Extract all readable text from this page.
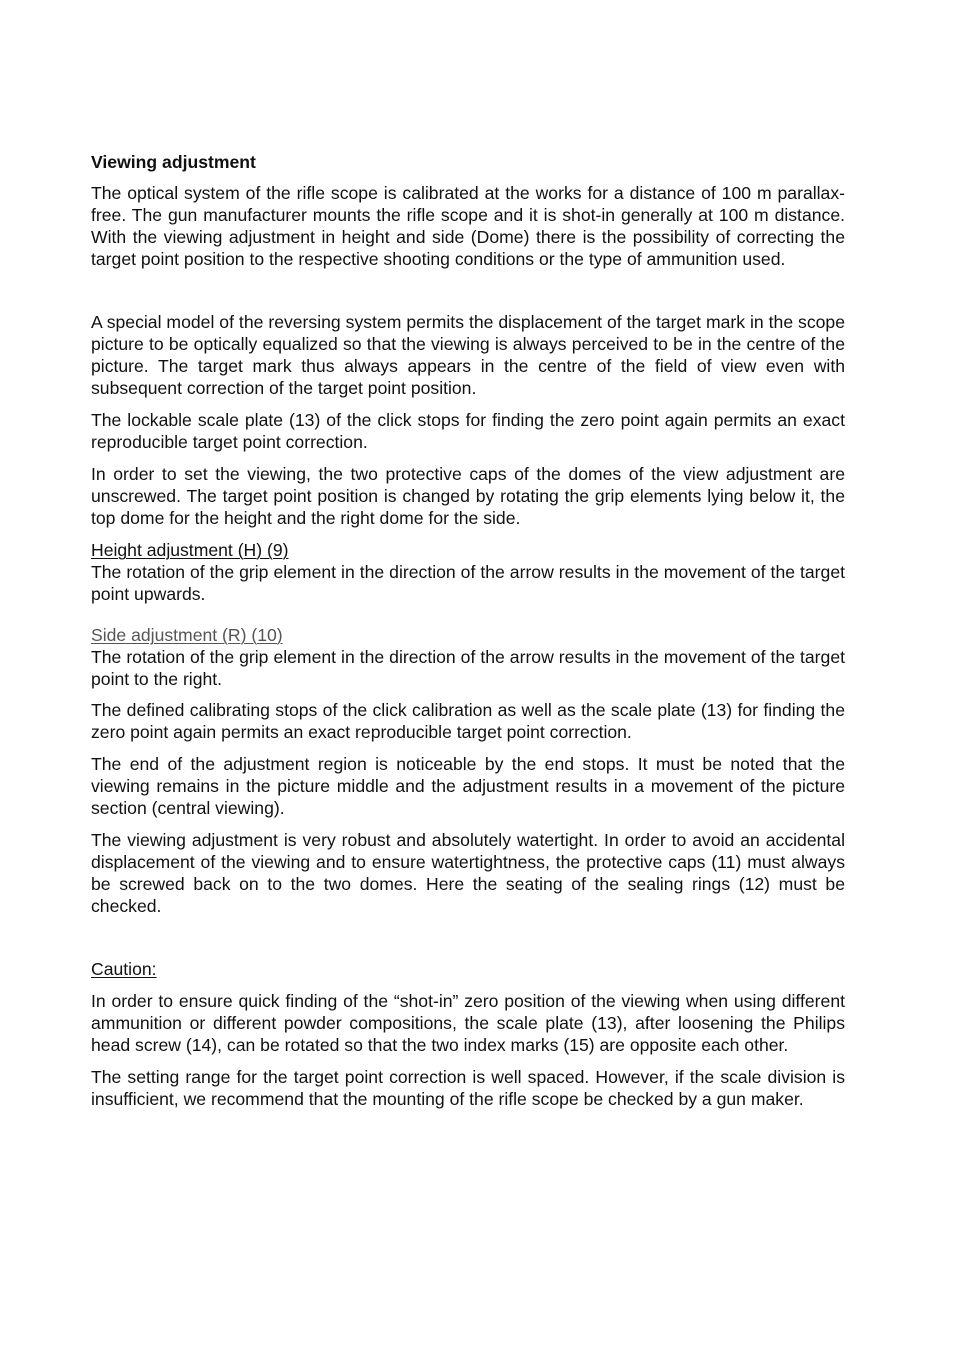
Viewing adjustment

The optical system of the rifle scope is calibrated at the works for a distance of 100 m parallax-free. The gun manufacturer mounts the rifle scope and it is shot-in generally at 100 m distance. With the viewing adjustment in height and side (Dome) there is the possibility of correcting the target point position to the respective shooting conditions or the type of ammunition used.

A special model of the reversing system permits the displacement of the target mark in the scope picture to be optically equalized so that the viewing is always perceived to be in the centre of the picture. The target mark thus always appears in the centre of the field of view even with subsequent correction of the target point position.

The lockable scale plate (13) of the click stops for finding the zero point again permits an exact reproducible target point correction.

In order to set the viewing, the two protective caps of the domes of the view adjustment are unscrewed. The target point position is changed by rotating the grip elements lying below it, the top dome for the height and the right dome for the side.

Height adjustment (H) (9)

The rotation of the grip element in the direction of the arrow results in the movement of the target point upwards.

Side adjustment (R) (10)

The rotation of the grip element in the direction of the arrow results in the movement of the target point to the right.

The defined calibrating stops of the click calibration as well as the scale plate (13) for finding the zero point again permits an exact reproducible target point correction.

The end of the adjustment region is noticeable by the end stops. It must be noted that the viewing remains in the picture middle and the adjustment results in a movement of the picture section (central viewing).

The viewing adjustment is very robust and absolutely watertight. In order to avoid an accidental displacement of the viewing and to ensure watertightness, the protective caps (11) must always be screwed back on to the two domes. Here the seating of the sealing rings (12) must be checked.

Caution:

In order to ensure quick finding of the “shot-in” zero position of the viewing when using different ammunition or different powder compositions, the scale plate (13), after loosening the Philips head screw (14), can be rotated so that the two index marks (15) are opposite each other.

The setting range for the target point correction is well spaced. However, if the scale division is insufficient, we recommend that the mounting of the rifle scope be checked by a gun maker.
